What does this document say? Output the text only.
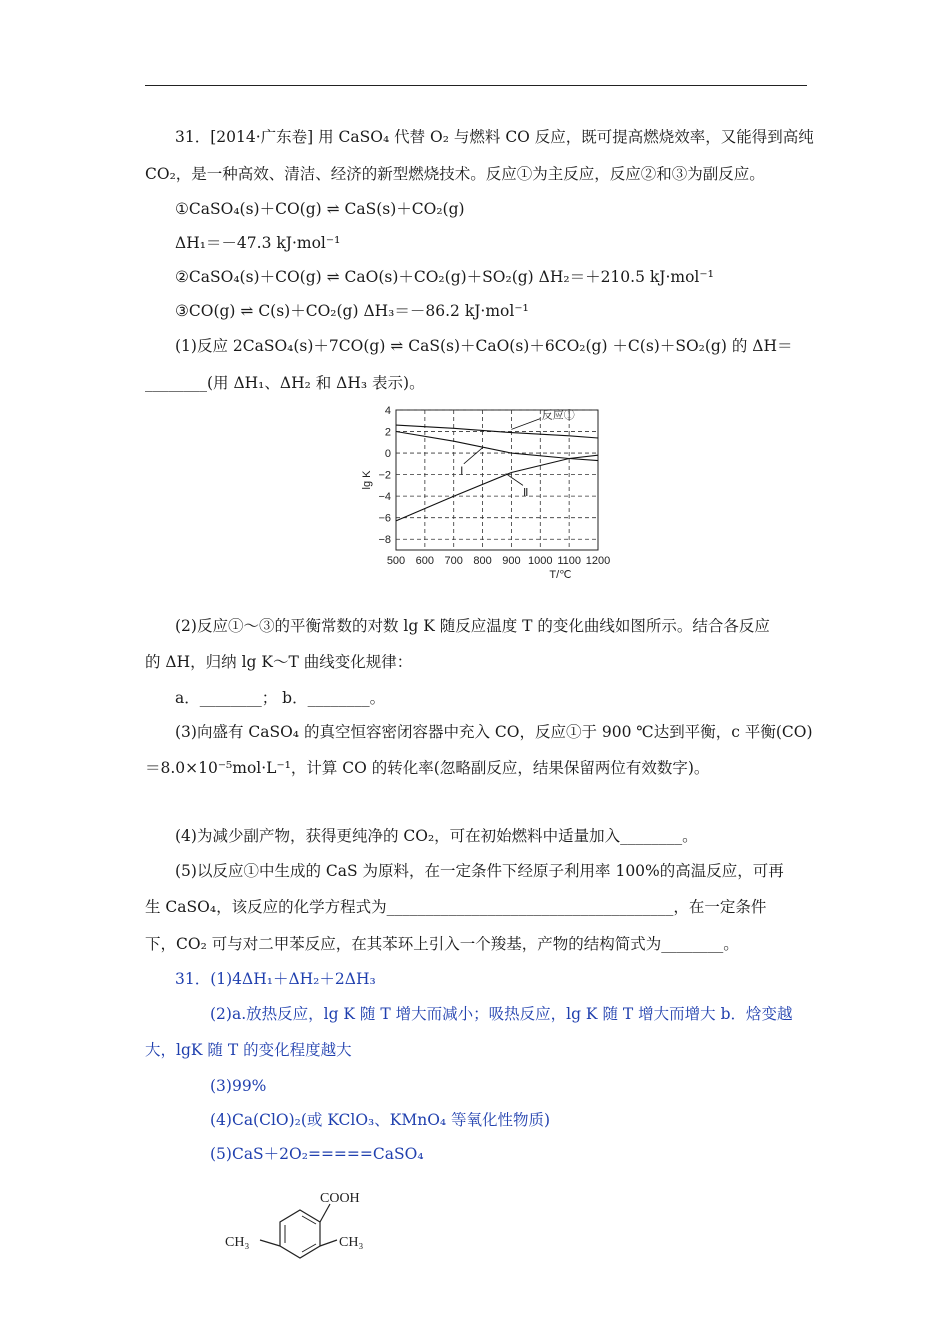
31．[2014·广东卷] 用 CaSO₄ 代替 O₂ 与燃料 CO 反应，既可提高燃烧效率，又能得到高纯
CO₂，是一种高效、清洁、经济的新型燃烧技术。反应①为主反应，反应②和③为副反应。
①CaSO₄(s)＋CO(g) ⇌ CaS(s)＋CO₂(g)
ΔH₁＝－47.3 kJ·mol⁻¹
②CaSO₄(s)＋CO(g) ⇌ CaO(s)＋CO₂(g)＋SO₂(g) ΔH₂＝＋210.5 kJ·mol⁻¹
③CO(g) ⇌ C(s)＋CO₂(g) ΔH₃＝－86.2 kJ·mol⁻¹
(1)反应 2CaSO₄(s)＋7CO(g) ⇌ CaS(s)＋CaO(s)＋6CO₂(g) ＋C(s)＋SO₂(g) 的 ΔH＝
________(用 ΔH₁、ΔH₂ 和 ΔH₃ 表示)。
500 600 700 800 900 1000 1100 1200
4
2
0
−2
−4
−6
−8
T/℃
lg K
反应①
Ⅰ
Ⅱ
(2)反应①～③的平衡常数的对数 lg K 随反应温度 T 的变化曲线如图所示。结合各反应
的 ΔH，归纳 lg K～T 曲线变化规律：
a．________； b．________。
(3)向盛有 CaSO₄ 的真空恒容密闭容器中充入 CO，反应①于 900 ℃达到平衡，c 平衡(CO)
＝8.0×10⁻⁵mol·L⁻¹，计算 CO 的转化率(忽略副反应，结果保留两位有效数字)。
(4)为减少副产物，获得更纯净的 CO₂，可在初始燃料中适量加入________。
(5)以反应①中生成的 CaS 为原料，在一定条件下经原子利用率 100%的高温反应，可再
生 CaSO₄，该反应的化学方程式为_____________________________________，在一定条件
下，CO₂ 可与对二甲苯反应，在其苯环上引入一个羧基，产物的结构简式为________。
31．(1)4ΔH₁＋ΔH₂＋2ΔH₃
(2)a.放热反应，lg K 随 T 增大而减小；吸热反应，lg K 随 T 增大而增大 b．焓变越
大，lgK 随 T 的变化程度越大
(3)99%
(4)Ca(ClO)₂(或 KClO₃、KMnO₄ 等氧化性物质)
(5)CaS＋2O₂=====CaSO₄
COOH
CH₃	CH₃
